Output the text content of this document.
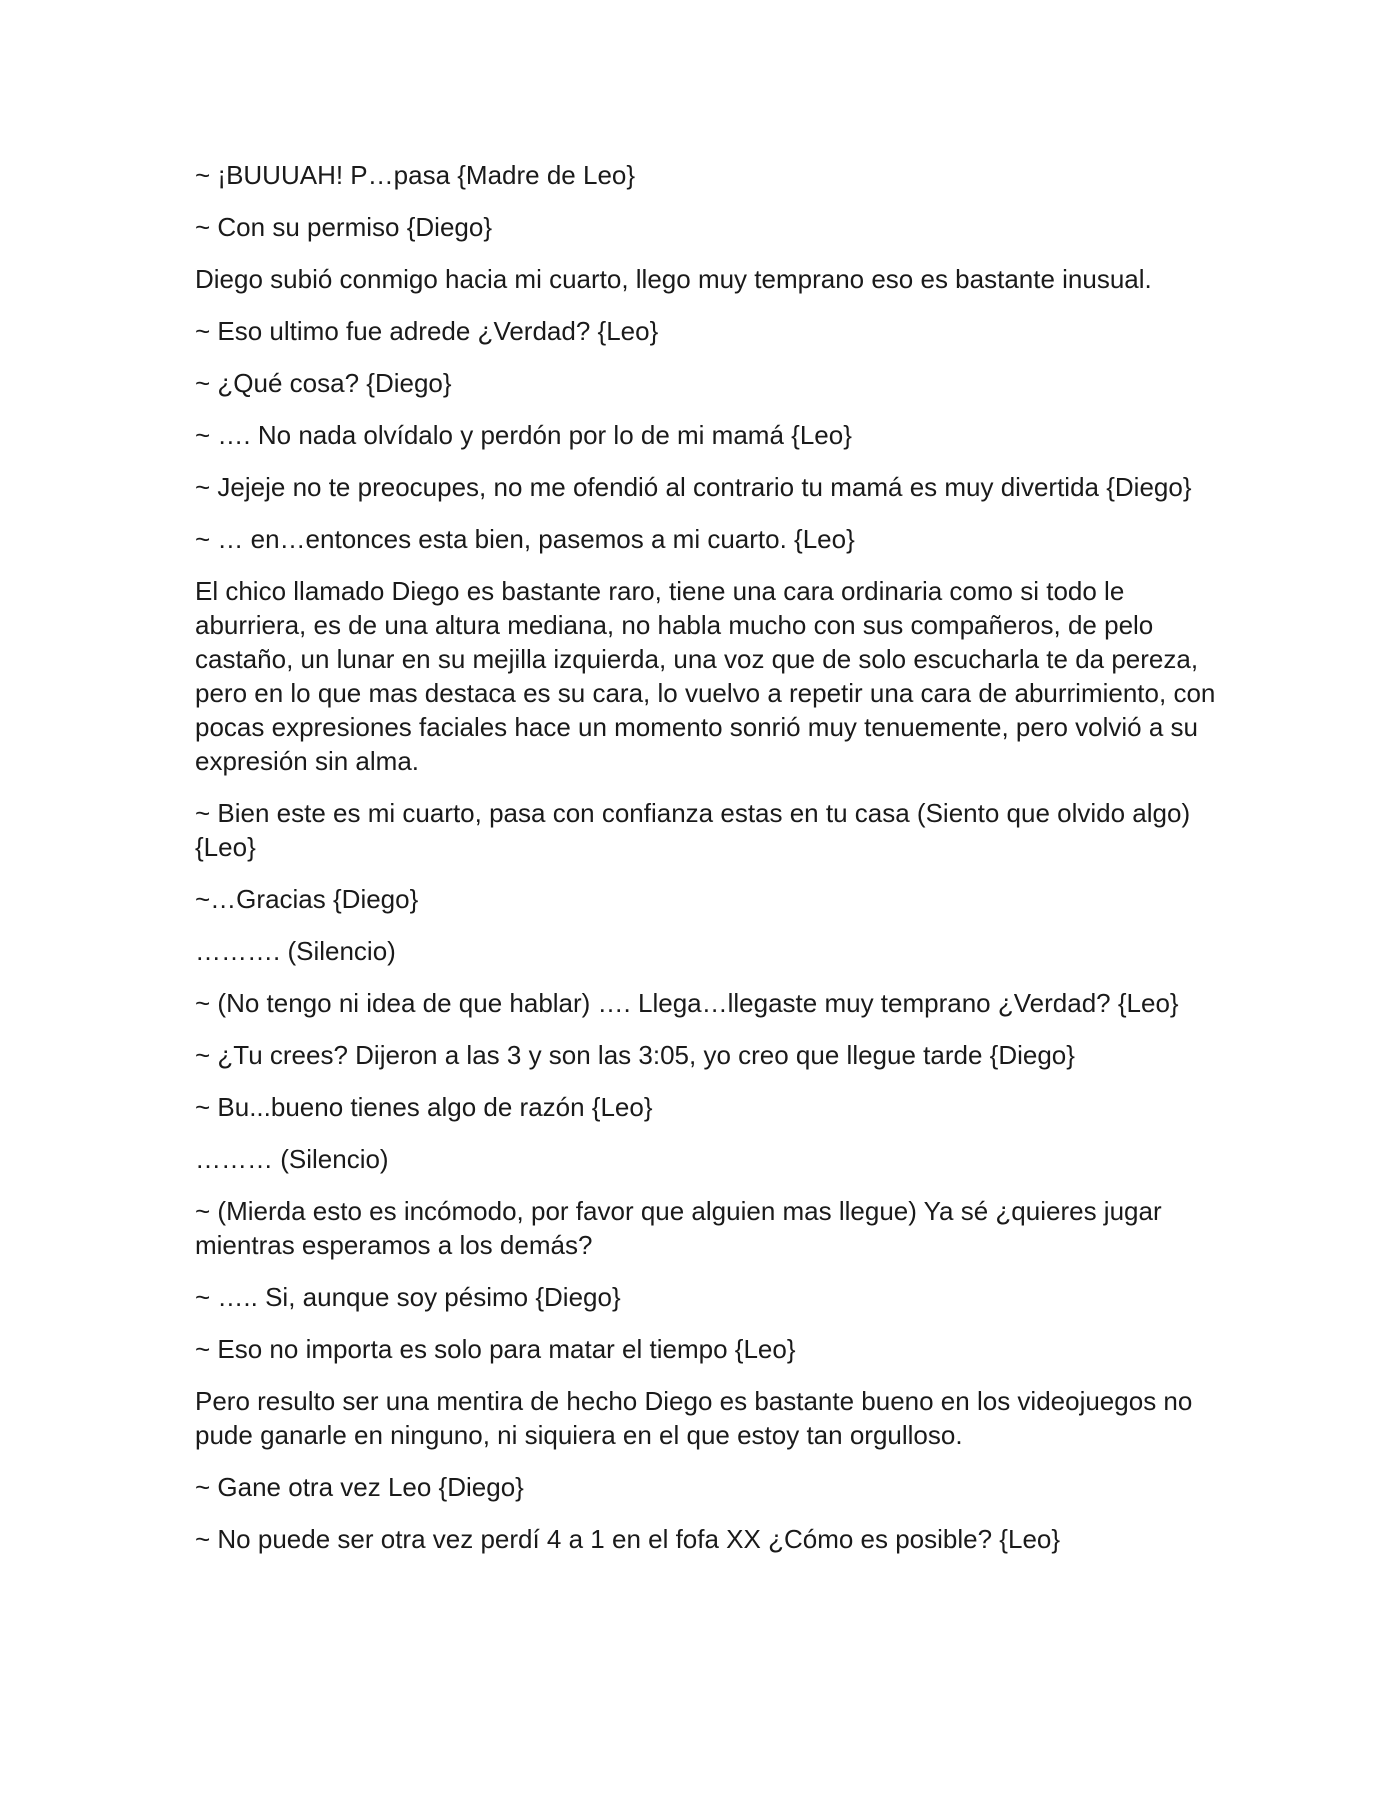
~ ¡BUUUAH! P…pasa {Madre de Leo}

~ Con su permiso {Diego}

Diego subió conmigo hacia mi cuarto, llego muy temprano eso es bastante inusual.

~ Eso ultimo fue adrede ¿Verdad? {Leo}

~ ¿Qué cosa? {Diego}

~ …. No nada olvídalo y perdón por lo de mi mamá {Leo}

~ Jejeje no te preocupes, no me ofendió al contrario tu mamá es muy divertida {Diego}

~ … en…entonces esta bien, pasemos a mi cuarto. {Leo}

El chico llamado Diego es bastante raro, tiene una cara ordinaria como si todo le aburriera, es de una altura mediana, no habla mucho con sus compañeros, de pelo castaño, un lunar en su mejilla izquierda, una voz que de solo escucharla te da pereza, pero en lo que mas destaca es su cara, lo vuelvo a repetir una cara de aburrimiento, con pocas expresiones faciales hace un momento sonrió muy tenuemente, pero volvió a su expresión sin alma.

~ Bien este es mi cuarto, pasa con confianza estas en tu casa (Siento que olvido algo) {Leo}

~…Gracias {Diego}

………. (Silencio)

~ (No tengo ni idea de que hablar) …. Llega…llegaste muy temprano ¿Verdad? {Leo}

~ ¿Tu crees? Dijeron a las 3 y son las 3:05, yo creo que llegue tarde {Diego}

~ Bu...bueno tienes algo de razón {Leo}

……… (Silencio)

~ (Mierda esto es incómodo, por favor que alguien mas llegue) Ya sé ¿quieres jugar mientras esperamos a los demás?

~ ….. Si, aunque soy pésimo {Diego}

~ Eso no importa es solo para matar el tiempo {Leo}

Pero resulto ser una mentira de hecho Diego es bastante bueno en los videojuegos no pude ganarle en ninguno, ni siquiera en el que estoy tan orgulloso.

~ Gane otra vez Leo {Diego}

~ No puede ser otra vez perdí 4 a 1 en el fofa XX ¿Cómo es posible? {Leo}
